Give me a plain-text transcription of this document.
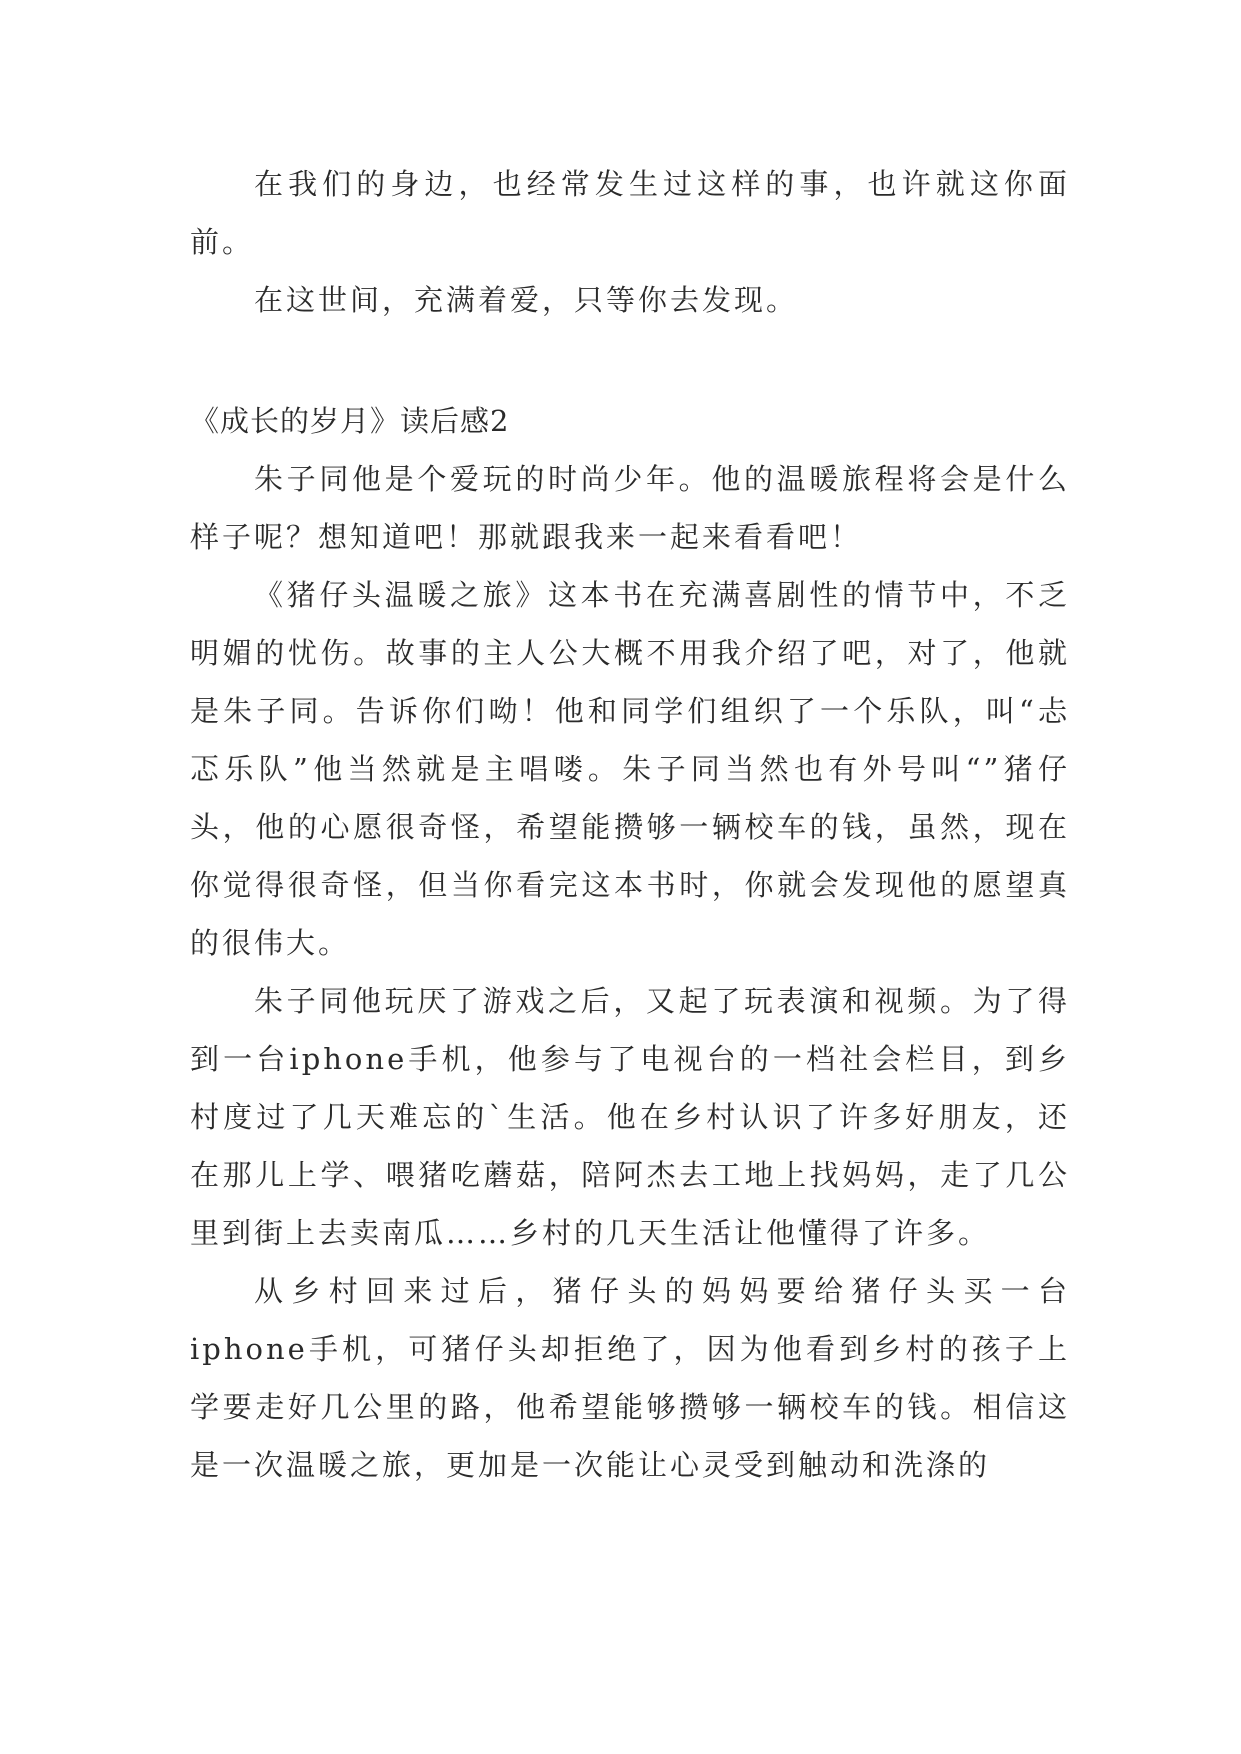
在我们的身边，也经常发生过这样的事，也许就这你面前。

在这世间，充满着爱，只等你去发现。

《成长的岁月》读后感2

朱子同他是个爱玩的时尚少年。他的温暖旅程将会是什么样子呢？想知道吧！那就跟我来一起来看看吧！

《猪仔头温暖之旅》这本书在充满喜剧性的情节中，不乏明媚的忧伤。故事的主人公大概不用我介绍了吧，对了，他就是朱子同。告诉你们呦！他和同学们组织了一个乐队，叫“忐忑乐队”他当然就是主唱喽。朱子同当然也有外号叫“”猪仔头，他的心愿很奇怪，希望能攒够一辆校车的钱，虽然，现在你觉得很奇怪，但当你看完这本书时，你就会发现他的愿望真的很伟大。

朱子同他玩厌了游戏之后，又起了玩表演和视频。为了得到一台iphone手机，他参与了电视台的一档社会栏目，到乡村度过了几天难忘的`生活。他在乡村认识了许多好朋友，还在那儿上学、喂猪吃蘑菇，陪阿杰去工地上找妈妈，走了几公里到街上去卖南瓜……乡村的几天生活让他懂得了许多。

从乡村回来过后，猪仔头的妈妈要给猪仔头买一台iphone手机，可猪仔头却拒绝了，因为他看到乡村的孩子上学要走好几公里的路，他希望能够攒够一辆校车的钱。相信这是一次温暖之旅，更加是一次能让心灵受到触动和洗涤的
